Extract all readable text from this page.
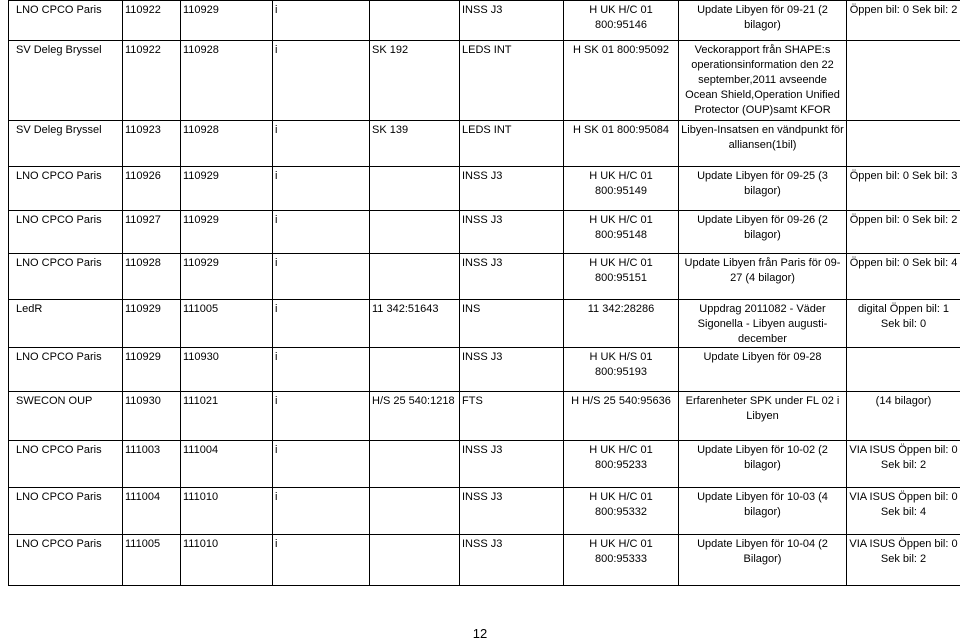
LNO CPCO Paris	110922	110929	i		INSS J3	H UK H/C 01 800:95146	Update Libyen för 09-21 (2 bilagor)	Öppen bil: 0 Sek bil: 2
SV Deleg Bryssel	110922	110928	i	SK 192	LEDS INT	H SK 01 800:95092	Veckorapport från SHAPE:s operationsinformation den 22 september,2011 avseende Ocean Shield,Operation Unified Protector (OUP)samt KFOR	
SV Deleg Bryssel	110923	110928	i	SK 139	LEDS INT	H SK 01 800:95084	Libyen-Insatsen en vändpunkt för alliansen(1bil)	
LNO CPCO Paris	110926	110929	i		INSS J3	H UK H/C 01 800:95149	Update Libyen för 09-25 (3 bilagor)	Öppen bil: 0 Sek bil: 3
LNO CPCO Paris	110927	110929	i		INSS J3	H UK H/C 01 800:95148	Update Libyen för 09-26 (2 bilagor)	Öppen bil: 0 Sek bil: 2
LNO CPCO Paris	110928	110929	i		INSS J3	H UK H/C 01 800:95151	Update Libyen från Paris för 09-27 (4 bilagor)	Öppen bil: 0 Sek bil: 4
LedR	110929	111005	i	11 342:51643	INS	11 342:28286	Uppdrag 2011082 - Väder Sigonella - Libyen augusti-december	digital Öppen bil: 1 Sek bil: 0
LNO CPCO Paris	110929	110930	i		INSS J3	H UK H/S 01 800:95193	Update Libyen för 09-28	
SWECON OUP	110930	111021	i	H/S 25 540:1218	FTS	H H/S 25 540:95636	Erfarenheter SPK under FL 02 i Libyen	(14 bilagor)
LNO CPCO Paris	111003	111004	i		INSS J3	H UK H/C 01 800:95233	Update Libyen för 10-02 (2 bilagor)	VIA ISUS Öppen bil: 0 Sek bil: 2
LNO CPCO Paris	111004	111010	i		INSS J3	H UK H/C 01 800:95332	Update Libyen för 10-03 (4 bilagor)	VIA ISUS Öppen bil: 0 Sek bil: 4
LNO CPCO Paris	111005	111010	i		INSS J3	H UK H/C 01 800:95333	Update Libyen för 10-04 (2 Bilagor)	VIA ISUS Öppen bil: 0 Sek bil: 2
12
